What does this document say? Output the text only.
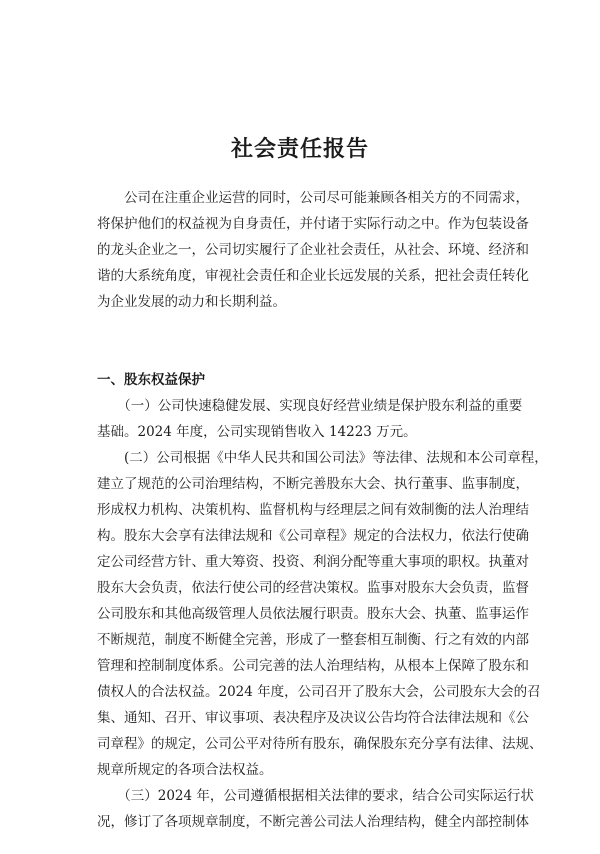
社会责任报告
　　公司在注重企业运营的同时，公司尽可能兼顾各相关方的不同需求，
将保护他们的权益视为自身责任，并付诸于实际行动之中。作为包装设备
的龙头企业之一，公司切实履行了企业社会责任，从社会、环境、经济和
谐的大系统角度，审视社会责任和企业长远发展的关系，把社会责任转化
为企业发展的动力和长期利益。
一、股东权益保护
　　（一）公司快速稳健发展、实现良好经营业绩是保护股东利益的重要
基础。2024 年度，公司实现销售收入 14223 万元。
　　(二）公司根据《中华人民共和国公司法》等法律、法规和本公司章程，
建立了规范的公司治理结构，不断完善股东大会、执行董事、监事制度，
形成权力机构、决策机构、监督机构与经理层之间有效制衡的法人治理结
构。股东大会享有法律法规和《公司章程》规定的合法权力，依法行使确
定公司经营方针、重大筹资、投资、利润分配等重大事项的职权。执董对
股东大会负责，依法行使公司的经营决策权。监事对股东大会负责，监督
公司股东和其他高级管理人员依法履行职责。股东大会、执董、监事运作
不断规范，制度不断健全完善，形成了一整套相互制衡、行之有效的内部
管理和控制制度体系。公司完善的法人治理结构，从根本上保障了股东和
债权人的合法权益。2024 年度，公司召开了股东大会，公司股东大会的召
集、通知、召开、审议事项、表决程序及决议公告均符合法律法规和《公
司章程》的规定，公司公平对待所有股东，确保股东充分享有法律、法规、
规章所规定的各项合法权益。
　　（三）2024 年，公司遵循根据相关法律的要求，结合公司实际运行状
况，修订了各项规章制度，不断完善公司法人治理结构，健全内部控制体
